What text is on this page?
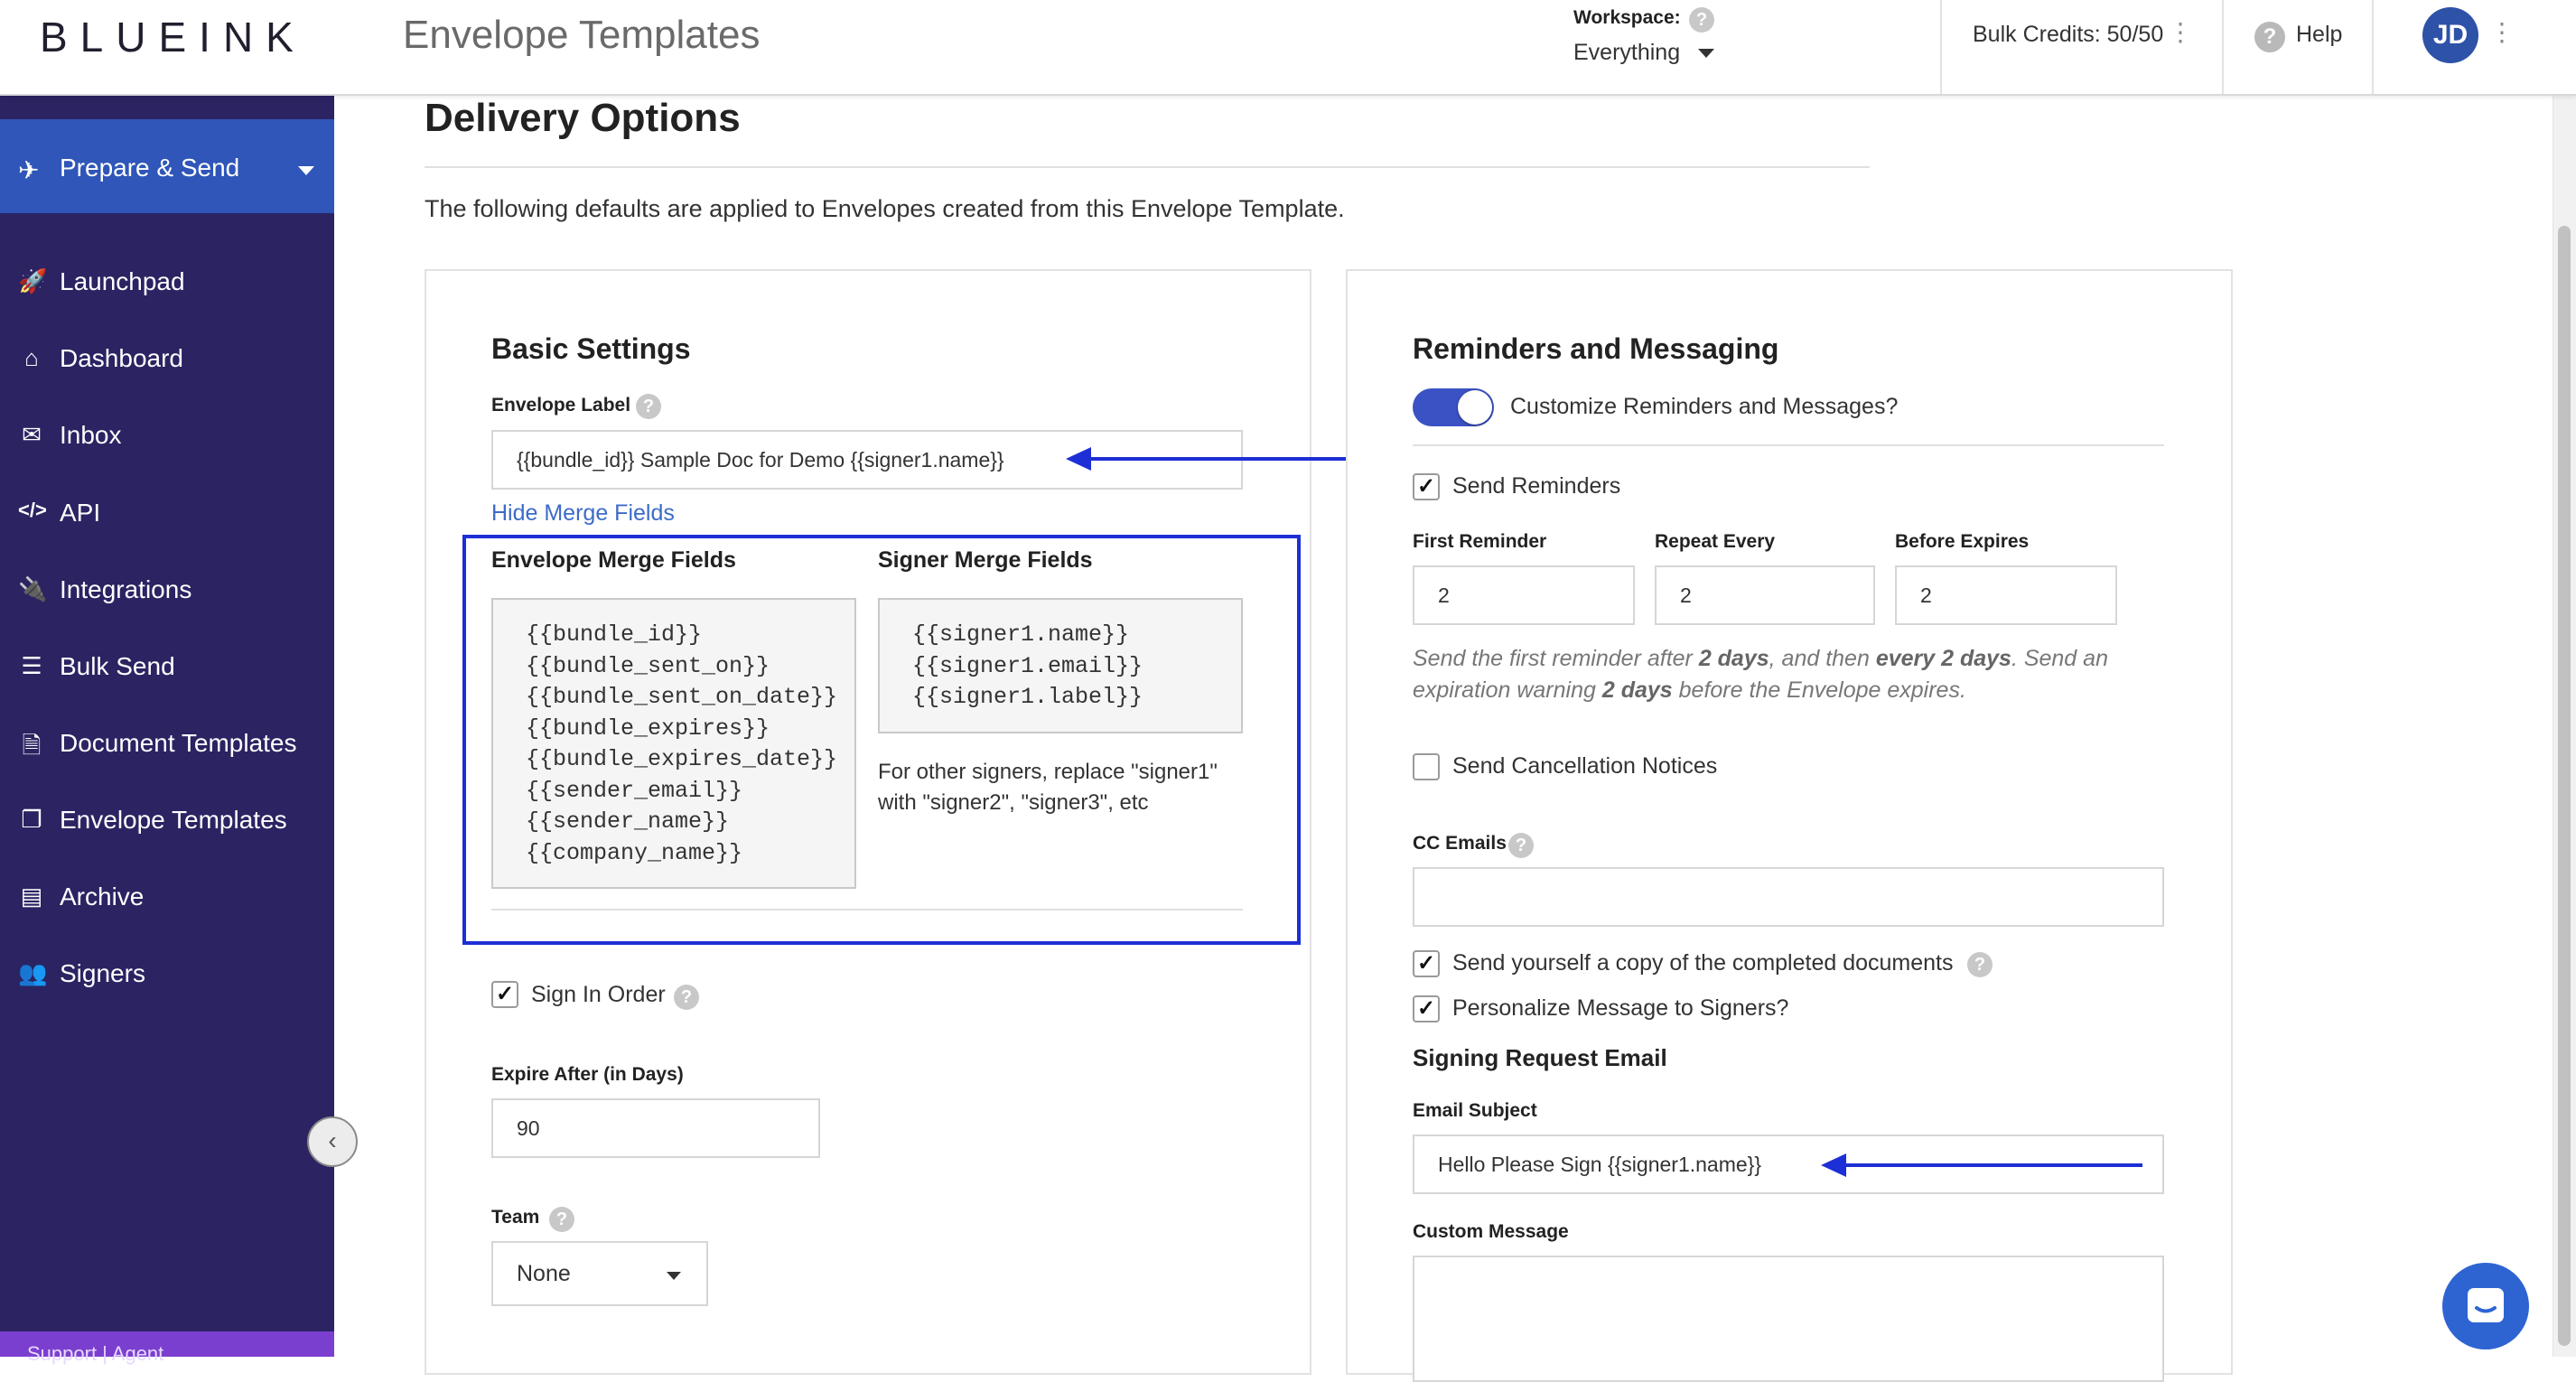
BLUEINK Envelope Templates	Workspace: ?
Everything
Bulk Credits: 50/50 ⋮	? Help	JD ⋮
✈ Prepare & Send
🚀 Launchpad
⌂ Dashboard
✉ Inbox
</> API
🔌 Integrations
☰ Bulk Send
🗎 Document Templates
❐ Envelope Templates
▤ Archive
👥 Signers
‹
Support | Agent
Delivery Options
The following defaults are applied to Envelopes created from this Envelope Template.
Basic Settings
Envelope Label ?
{{bundle_id}} Sample Doc for Demo {{signer1.name}}
Hide Merge Fields
Envelope Merge Fields
{{bundle_id}}
{{bundle_sent_on}}
{{bundle_sent_on_date}}
{{bundle_expires}}
{{bundle_expires_date}}
{{sender_email}}
{{sender_name}}
{{company_name}}
Signer Merge Fields
{{signer1.name}}
{{signer1.email}}
{{signer1.label}}
For other signers, replace "signer1"
with "signer2", "signer3", etc
✓ Sign In Order ?
Expire After (in Days)
90
Team ?
None
Reminders and Messaging
Customize Reminders and Messages?
✓ Send Reminders
First Reminder
2
Repeat Every
2
Before Expires
2
Send the first reminder after 2 days, and then every 2 days. Send an
expiration warning 2 days before the Envelope expires.
Send Cancellation Notices
CC Emails ?
✓ Send yourself a copy of the completed documents	?
✓ Personalize Message to Signers?
Signing Request Email
Email Subject
Hello Please Sign {{signer1.name}}
Custom Message
